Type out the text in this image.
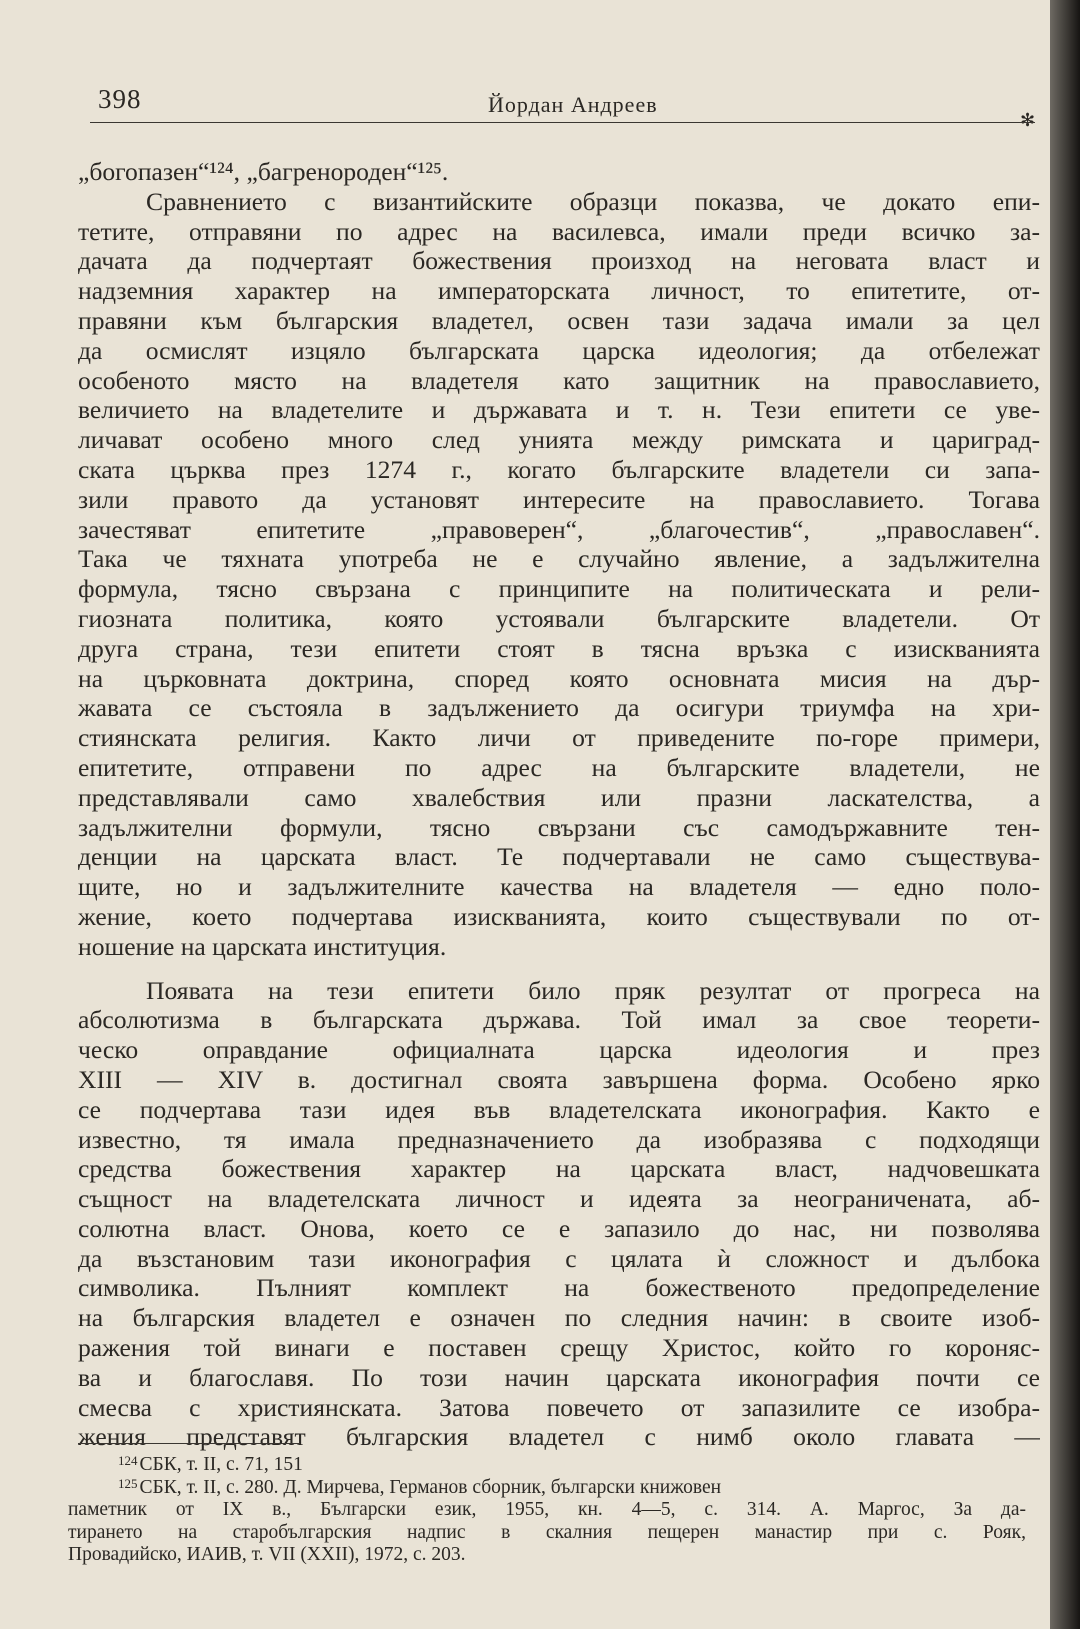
398	Йордан Андреев
✻
„богопазен“¹²⁴, „багренороден“¹²⁵.
Сравнението с византийските образци показва, че докато епи-
тетите, отправяни по адрес на василевса, имали преди всичко за-
дачата да подчертаят божествения произход на неговата власт и
надземния характер на императорската личност, то епитетите, от-
правяни към българския владетел, освен тази задача имали за цел
да осмислят изцяло българската царска идеология; да отбележат
особеното място на владетеля като защитник на православието,
величието на владетелите и държавата и т. н. Тези епитети се уве-
личават особено много след унията между римската и цариград-
ската църква през 1274 г., когато българските владетели си запа-
зили правото да установят интересите на православието. Тогава
зачестяват епитетите „правоверен“, „благочестив“, „православен“.
Така че тяхната употреба не е случайно явление, а задължителна
формула, тясно свързана с принципите на политическата и рели-
гиозната политика, която устоявали българските владетели. От
друга страна, тези епитети стоят в тясна връзка с изискванията
на църковната доктрина, според която основната мисия на дър-
жавата се състояла в задължението да осигури триумфа на хри-
стиянската религия. Както личи от приведените по-горе примери,
епитетите, отправени по адрес на българските владетели, не
представлявали само хвалебствия или празни ласкателства, а
задължителни формули, тясно свързани със самодържавните тен-
денции на царската власт. Те подчертавали не само съществува-
щите, но и задължителните качества на владетеля — едно поло-
жение, което подчертава изискванията, които съществували по от-
ношение на царската институция.
Появата на тези епитети било пряк резултат от прогреса на
абсолютизма в българската държава. Той имал за свое теорети-
ческо оправдание официалната царска идеология и през
XIII — XIV в. достигнал своята завършена форма. Особено ярко
се подчертава тази идея във владетелската иконография. Както е
известно, тя имала предназначението да изобразява с подходящи
средства божествения характер на царската власт, надчовешката
същност на владетелската личност и идеята за неограничената, аб-
солютна власт. Онова, което се е запазило до нас, ни позволява
да възстановим тази иконография с цялата ѝ сложност и дълбока
символика. Пълният комплект на божественото предопределение
на българския владетел е означен по следния начин: в своите изоб-
ражения той винаги е поставен срещу Христос, който го короняс-
ва и благославя. По този начин царската иконография почти се
смесва с християнската. Затова повечето от запазилите се изобра-
жения представят българския владетел с нимб около главата —
$^{124}$ СБК, т. II, с. 71, 151
$^{125}$ СБК, т. II, с. 280. Д. Мирчева, Германов сборник, български книжовен
паметник от IX в., Български език, 1955, кн. 4—5, с. 314. А. Маргос, За да-
тирането на старобългарския надпис в скалния пещерен манастир при с. Рояк,
Провадийско, ИАИВ, т. VII (XXII), 1972, с. 203.
